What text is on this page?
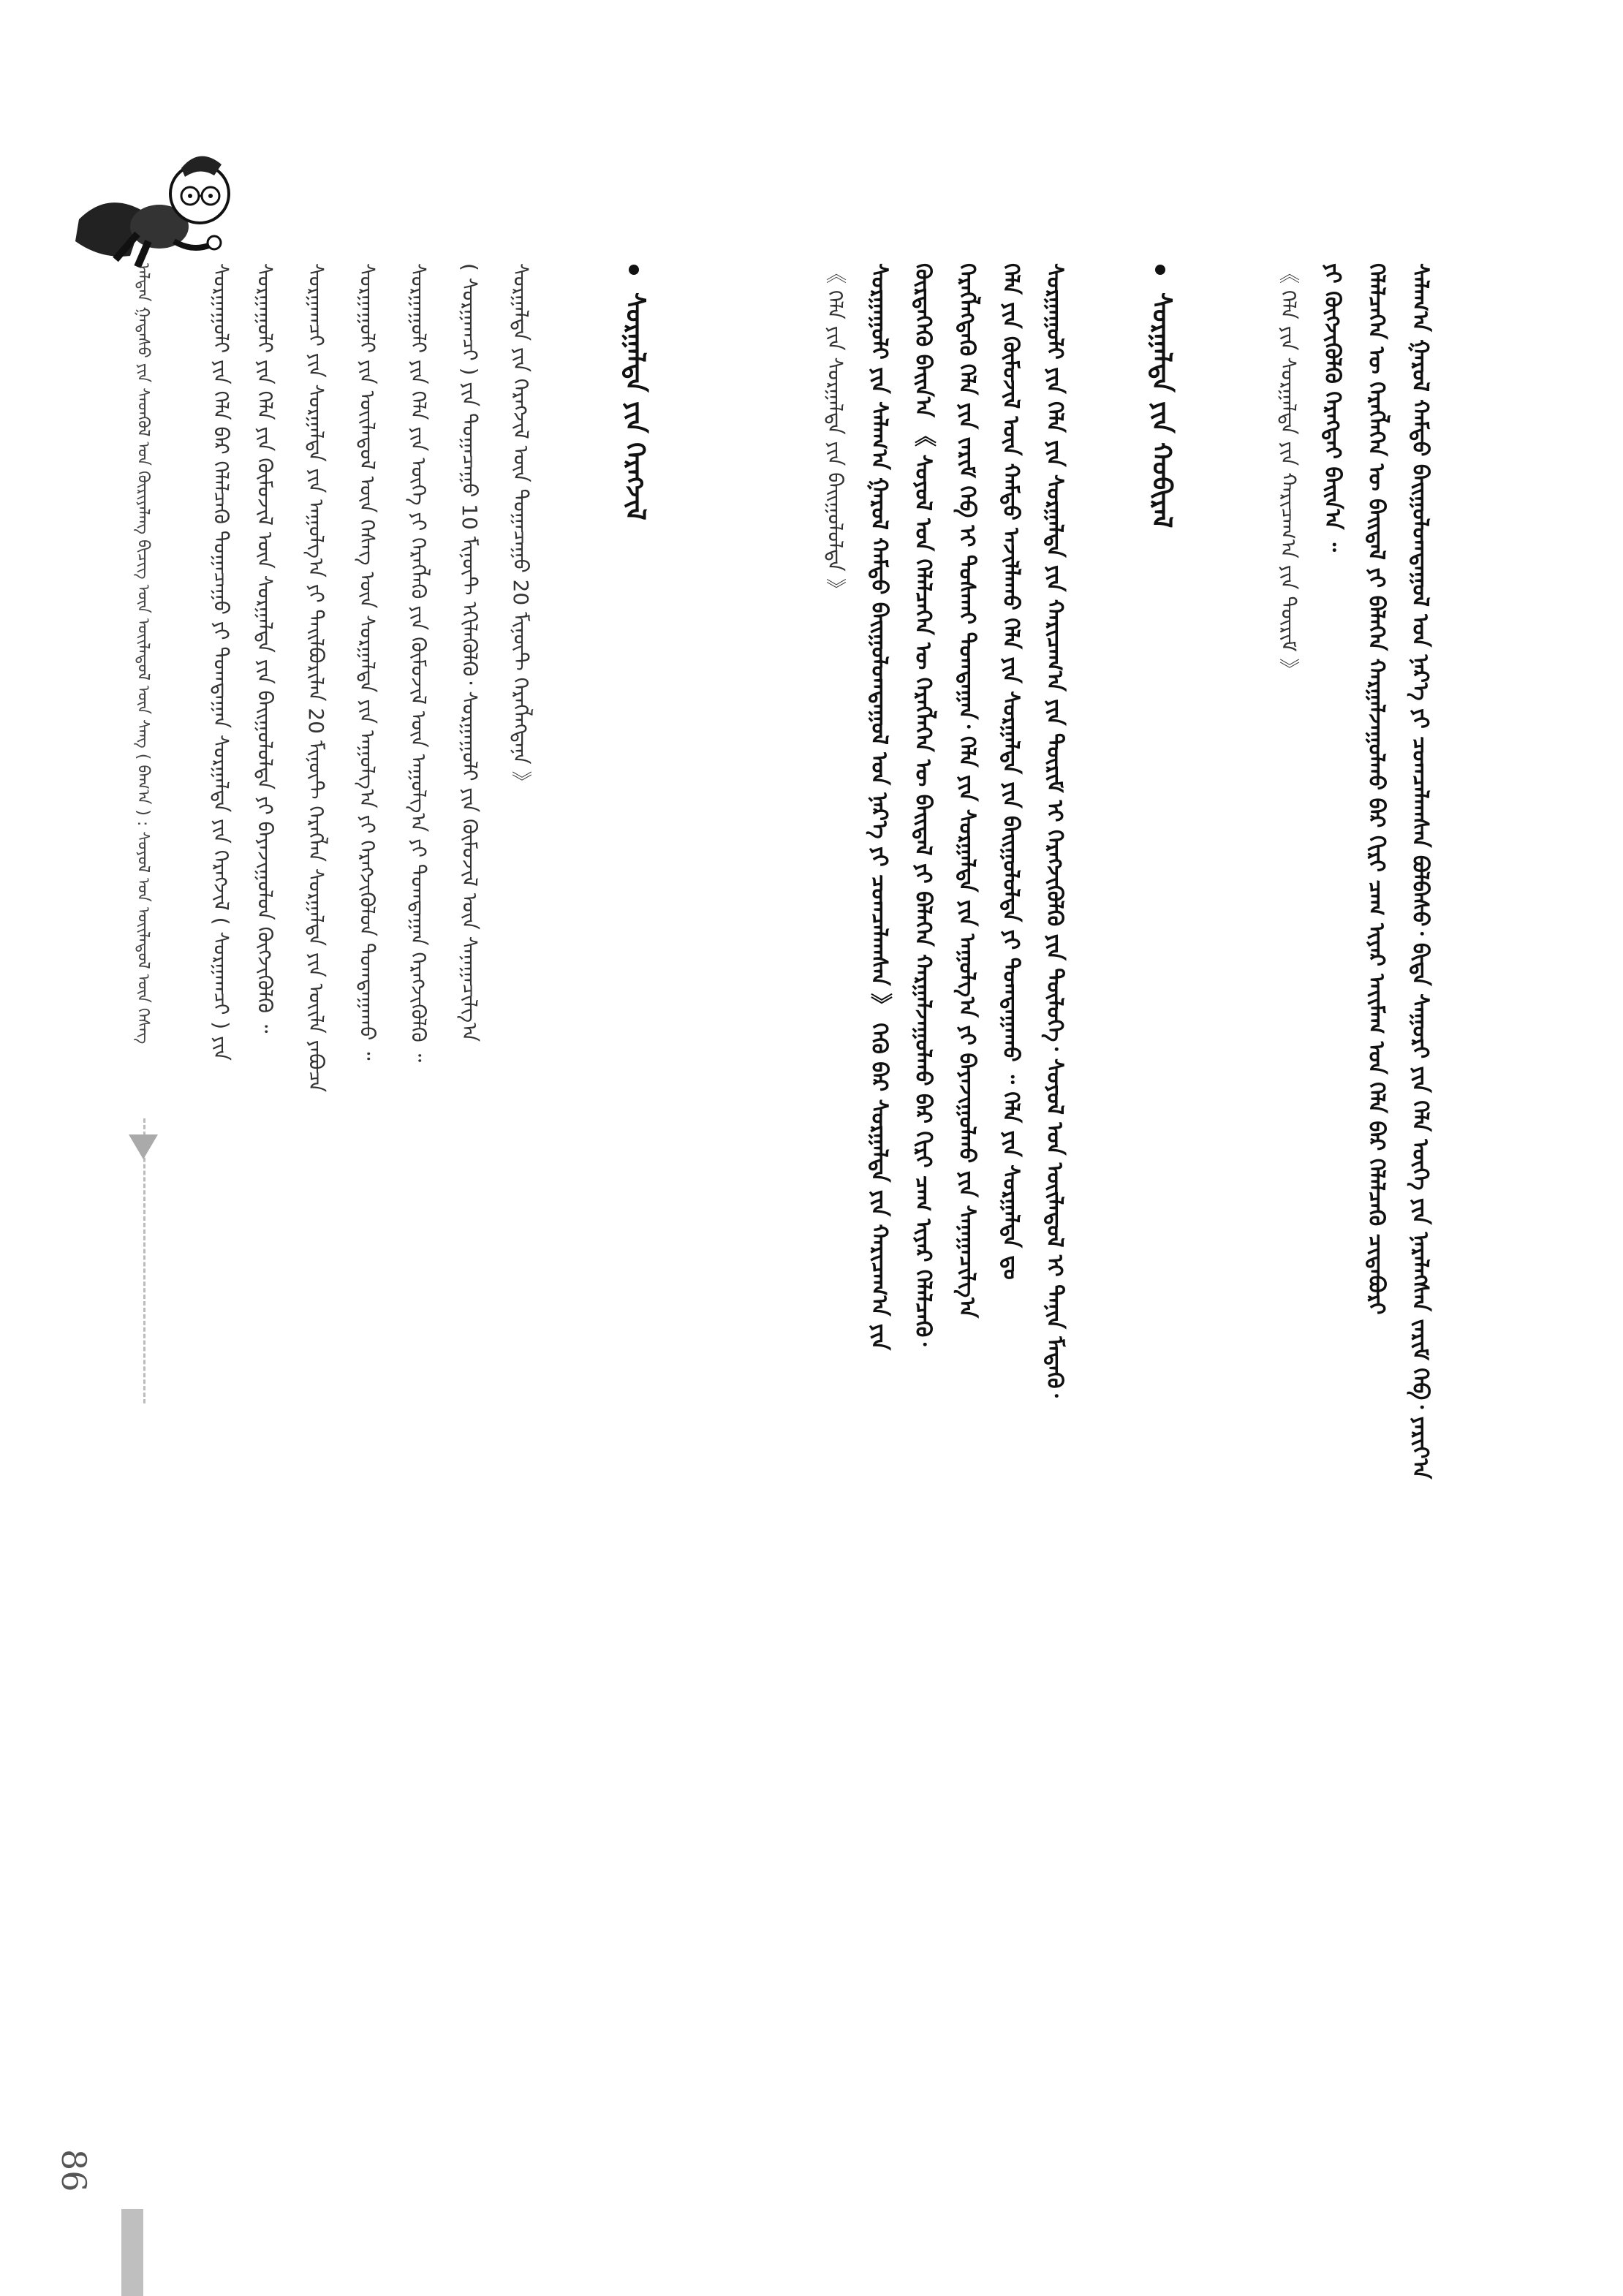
ᠠᠯᠲᠠᠨ ᠭᠠᠳᠠᠰᠤ ᠶᠢᠨ ᠰᠡᠳᠬᠦᠯ ᠤᠨ ᠬᠦᠷᠢᠶᠡᠯᠡᠩ ᠪᠢᠴᠢᠭ ᠦᠨ ᠦᠢᠯᠡᠳᠦᠯ ᠦᠨ ᠰᠠᠩ ( ᠪᠠᠭ᠎ᠠ ) : ᠰᠣᠶᠣᠯ ᠤᠨ ᠦᠢᠯᠡᠳᠦᠯ ᠦᠨ ᠬᠡᠰᠡᠭ	ᠰᠠᠯᠠᠭ᠎ᠠ ᠭᠠᠷᠤᠯ ᠬᠠᠮᠲᠤ ᠪᠠᠢᠭᠤᠯᠤᠭᠳᠠᠭᠤᠯ ᠤᠨ ᠨᠡᠷ᠎ᠡ ᠶᠢ ᠴᠣᠭᠴᠠᠯᠠᠭᠰᠠᠨ ᠪᠣᠯᠪᠠᠰᠤ᠂ ᠪᠢᠳᠡ ᠰᠠᠭᠤᠷᠢ ᠶᠢᠨ ᠬᠡᠯᠡ ᠦᠭᠡ ᠶᠢᠨ ᠨᠡᠷᠡᠯᠡᠭᠰᠡᠨ ᠵᠠᠷᠢᠮ ᠬᠡᠪ᠂ ᠶᠠᠷᠢᠶ᠎ᠠ
ᠬᠡᠯᠡᠯᠴᠡᠭᠡᠨ ᠦ ᠬᠡᠷᠡᠭᠯᠡᠭᠡᠨ ᠦ ᠪᠠᠢᠳᠠᠯ ᠶᠢ ᠪᠡᠯᠡᠭᠡᠨ ᠬᠠᠷᠭᠠᠯᠵᠠᠭᠤᠯᠬᠤ ᠪᠠᠷ ᠬᠢᠷᠢ ᠴᠠᠭ ᠢᠶᠠᠷ ᠠᠶ᠋ᠢᠮᠠᠭ ᠤᠨ ᠬᠡᠯᠡ ᠪᠡᠷ ᠬᠡᠯᠡᠯᠴᠡᠬᠦ ᠴᠢᠳᠠᠪᠤᠷᠢ
ᠶᠢ ᠬᠦᠭᠵᠢᠭᠦᠯᠬᠦ ᠬᠡᠷᠡᠭᠲᠡᠢ ᠪᠠᠢᠨ᠎ᠠ ᠃
《 ᠬᠡᠯᠡ ᠶᠢᠨ ᠰᠤᠷᠭᠠᠯᠲᠠ ᠶᠢᠨ ᠬᠠᠷᠢᠴᠠᠭ᠎ᠠ ᠶᠢᠨ ᠳᠦᠷᠢᠮ 》
ᠰᠤᠷᠭᠠᠯᠲᠠ ᠶᠢᠨ ᠬᠤᠪᠢᠷᠠᠯ
ᠰᠤᠷᠭᠠᠭᠤᠯᠢ ᠶᠢᠨ ᠬᠡᠯᠡ ᠶᠢᠨ ᠰᠤᠷᠭᠠᠯᠲᠠ ᠶᠢᠨ ᠬᠠᠷᠢᠴᠠᠭ᠎ᠠ ᠶᠢᠨ ᠳᠦᠷᠢᠮ ᠢ ᠬᠡᠷᠡᠭᠵᠢᠭᠦᠯᠬᠦ ᠶᠢᠨ ᠲᠥᠯᠥᠭᠡ᠂ ᠰᠣᠶᠣᠯ ᠤᠨ ᠦᠢᠯᠡᠳᠦᠯ ᠢ ᠲᠠᠨᠢᠨ ᠮᠡᠳᠡᠬᠦ᠂
ᠬᠡᠯᠡ ᠶᠢᠨ ᠬᠦᠮᠦᠵᠢᠯ ᠦᠨ ᠬᠠᠮᠲᠤ ᠠᠵᠢᠯᠯᠠᠬᠤ ᠬᠡᠯᠡ ᠶᠢᠨ ᠰᠤᠷᠭᠠᠯᠲᠠ ᠶᠢᠨ ᠪᠠᠢᠭᠤᠯᠤᠯᠲᠠ ᠶᠢ ᠲᠣᠭᠲᠠᠭᠠᠬᠤ ᠃ ᠬᠡᠯᠡ ᠶᠢᠨ ᠰᠤᠷᠭᠠᠯᠲᠠ ᠳᠤ
ᠬᠡᠷᠡᠭᠯᠡᠭᠳᠡᠬᠦ ᠬᠡᠯᠡ ᠶᠢᠨ ᠵᠠᠷᠢᠮ ᠬᠡᠪ ᠢ ᠲᠤᠰᠬᠠᠢ ᠲᠣᠭᠲᠠᠭᠠᠨ᠂ ᠬᠡᠯᠡ ᠶᠢᠨ ᠰᠤᠷᠭᠠᠯᠲᠠ ᠶᠢᠨ ᠠᠭᠤᠯᠭ᠎ᠠ ᠶᠢ ᠪᠠᠶᠠᠵᠢᠭᠤᠯᠬᠤ ᠶᠢᠨ ᠰᠠᠨᠠᠭᠠᠴᠢᠯᠭ᠎ᠠ
ᠬᠦᠷᠲᠡᠭᠡᠬᠦ ᠪᠠᠢᠨ᠎ᠠ 《 ᠰᠣᠶᠣᠯ ᠤᠨ ᠬᠡᠯᠡᠯᠴᠡᠭᠡᠨ ᠦ ᠬᠡᠷᠡᠭᠯᠡᠭᠡᠨ ᠦ ᠪᠠᠢᠳᠠᠯ ᠶᠢ ᠪᠡᠯᠡᠭᠡᠨ ᠬᠠᠷᠭᠠᠯᠵᠠᠭᠤᠯᠬᠤ ᠪᠠᠷ ᠬᠢᠷᠢ ᠴᠠᠭ ᠢᠶᠠᠷ ᠬᠡᠯᠡᠯᠴᠡᠬᠦ᠂
ᠰᠤᠷᠭᠠᠭᠤᠯᠢ ᠶᠢᠨ ᠰᠠᠯᠠᠭ᠎ᠠ ᠭᠠᠷᠤᠯ ᠬᠠᠮᠲᠤ ᠪᠠᠢᠭᠤᠯᠤᠭᠳᠠᠭᠤᠯ ᠤᠨ ᠨᠡᠷ᠎ᠡ ᠶᠢ ᠴᠣᠭᠴᠠᠯᠠᠭᠰᠠᠨ 》 ᠭᠡᠬᠦ ᠪᠡᠷ ᠰᠤᠷᠭᠠᠯᠲᠠ ᠶᠢᠨ ᠬᠠᠷᠢᠴᠠᠭ᠎ᠠ ᠶᠢᠨ
《 ᠬᠡᠯᠡ ᠶᠢᠨ ᠰᠤᠷᠭᠠᠯᠲᠠ ᠶᠢᠨ ᠪᠠᠢᠭᠤᠯᠤᠯᠲᠠ 》
ᠰᠤᠷᠭᠠᠯᠲᠠ ᠶᠢᠨ ᠬᠡᠷᠡᠭᠵᠢᠯ
ᠰᠤᠷᠭᠠᠯᠲᠠ ᠶᠢᠨ ᠬᠡᠷᠡᠭᠵᠢᠯ ᠦᠨ ᠲᠣᠭᠠᠴᠠᠭᠤ 20 ᠮᠢᠨᠦ᠋ᠲ ᠬᠡᠷᠡᠭᠯᠡᠭᠳᠡᠨᠡ 》
( ᠰᠤᠷᠭᠠᠭᠴᠢ ) ᠶᠢᠨ ᠲᠣᠭᠠᠴᠠᠭᠤ 10 ᠮᠢᠨᠦ᠋ᠲ ᠡᠬᠢᠯᠡᠭᠦᠯᠬᠦ᠂ ᠰᠤᠷᠭᠠᠭᠤᠯᠢ ᠶᠢᠨ ᠬᠦᠮᠦᠵᠢᠯ ᠦᠨ ᠰᠠᠨᠠᠭᠠᠴᠢᠯᠭ᠎ᠠ
ᠰᠤᠷᠭᠠᠭᠤᠯᠢ ᠶᠢᠨ ᠬᠡᠯᠡ ᠶᠢᠨ ᠦᠭᠡ ᠶᠢ ᠬᠡᠷᠡᠭᠯᠡᠬᠦ ᠶᠢᠨ ᠬᠦᠮᠦᠵᠢᠯ ᠦᠨ ᠠᠭᠤᠯᠭ᠎ᠠ ᠶᠢ ᠲᠣᠭᠲᠠᠭᠠᠨ ᠬᠡᠷᠡᠭᠵᠢᠭᠦᠯᠬᠦ ᠃
ᠰᠤᠷᠭᠠᠭᠤᠯᠢ ᠶᠢᠨ ᠦᠢᠯᠡᠳᠦᠯ ᠦᠨ ᠬᠡᠰᠡᠭ ᠦᠨ ᠰᠤᠷᠭᠠᠯᠲᠠ ᠶᠢᠨ ᠠᠭᠤᠯᠭ᠎ᠠ ᠶᠢ ᠬᠡᠷᠡᠭᠵᠢᠭᠦᠯᠦᠨ ᠲᠣᠭᠲᠠᠭᠠᠬᠤ ᠃
ᠰᠤᠷᠭᠠᠭᠴᠢ ᠶᠢᠨ ᠰᠤᠷᠭᠠᠯᠲᠠ ᠶᠢᠨ ᠠᠭᠤᠯᠭ᠎ᠠ ᠶᠢ ᠲᠠᠢᠯᠪᠤᠷᠢᠯᠠᠨ 20 ᠮᠢᠨᠦ᠋ᠲ ᠬᠡᠷᠡᠭᠯᠡᠨ ᠰᠤᠷᠭᠠᠯᠲᠠ ᠶᠢᠨ ᠦᠢᠯᠡ ᠶᠠᠪᠤᠴᠠ
ᠰᠤᠷᠭᠠᠭᠤᠯᠢ ᠶᠢᠨ ᠬᠡᠯᠡ ᠶᠢᠨ ᠬᠦᠮᠦᠵᠢᠯ ᠦᠨ ᠰᠤᠷᠭᠠᠯᠲᠠ ᠶᠢᠨ ᠪᠠᠢᠭᠤᠯᠤᠯᠲᠠ ᠶᠢ ᠪᠠᠶᠠᠵᠢᠭᠤᠯᠤᠨ ᠬᠦᠭᠵᠢᠭᠦᠯᠬᠦ ᠃
ᠰᠤᠷᠭᠠᠭᠤᠯᠢ ᠶᠢᠨ ᠬᠡᠯᠡ ᠪᠡᠷ ᠬᠡᠯᠡᠯᠴᠡᠬᠦ ᠲᠣᠭᠠᠴᠠᠭᠤ ᠶᠢ ᠲᠣᠭᠲᠠᠭᠠᠨ ᠰᠤᠷᠭᠠᠯᠲᠠ ᠶᠢᠨ ᠬᠡᠷᠡᠭᠵᠢᠯ ( ᠰᠤᠷᠭᠠᠭᠴᠢ ) ᠶᠢᠨ
86
